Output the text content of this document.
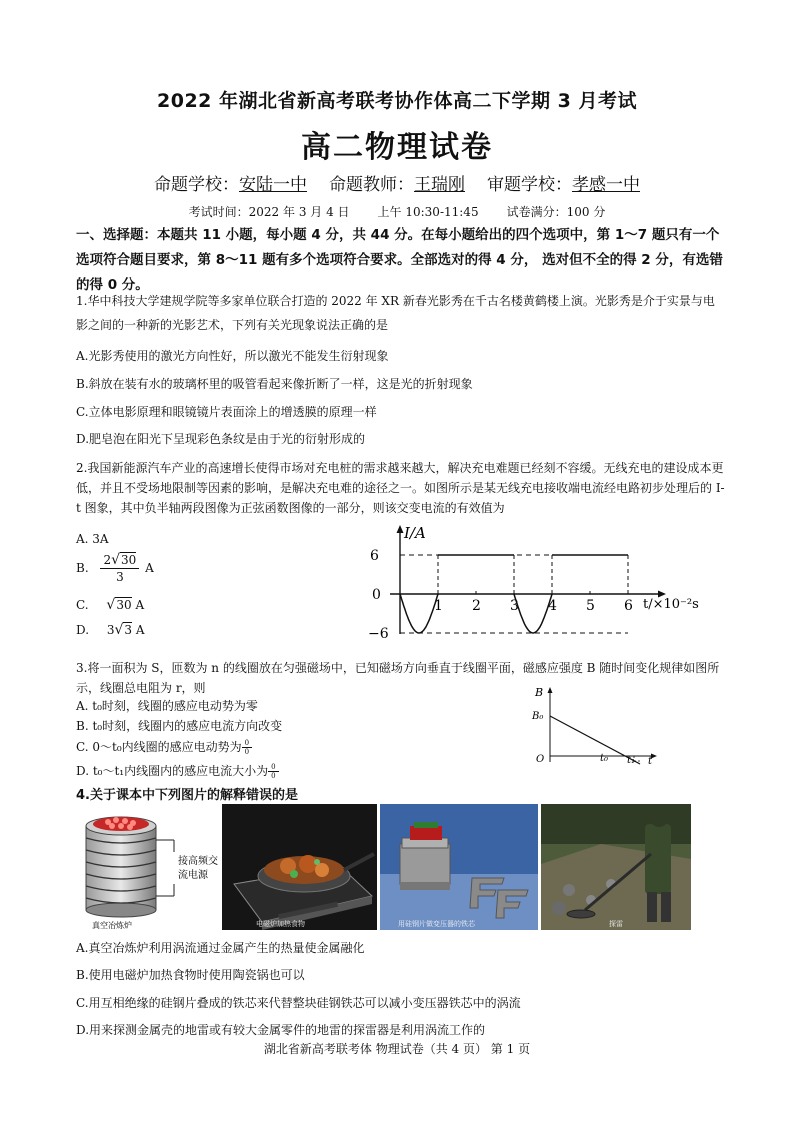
2022 年湖北省新高考联考协作体高二下学期 3 月考试
高二物理试卷
命题学校：安陆一中 命题教师：王瑞刚 审题学校：孝感一中
考试时间：2022 年 3 月 4 日 上午 10:30-11:45 试卷满分：100 分
一、选择题：本题共 11 小题，每小题 4 分，共 44 分。在每小题给出的四个选项中，第 1～7 题只有一个选项符合题目要求，第 8～11 题有多个选项符合要求。全部选对的得 4 分， 选对但不全的得 2 分，有选错的得 0 分。
1.华中科技大学建规学院等多家单位联合打造的 2022 年 XR 新春光影秀在千古名楼黄鹤楼上演。光影秀是介于实景与电影之间的一种新的光影艺术，下列有关光现象说法正确的是
A.光影秀使用的激光方向性好，所以激光不能发生衍射现象
B.斜放在装有水的玻璃杯里的吸管看起来像折断了一样，这是光的折射现象
C.立体电影原理和眼镜镜片表面涂上的增透膜的原理一样
D.肥皂泡在阳光下呈现彩色条纹是由于光的衍射形成的
2.我国新能源汽车产业的高速增长使得市场对充电桩的需求越来越大，解决充电难题已经刻不容缓。无线充电的建设成本更低，并且不受场地限制等因素的影响，是解决充电难的途径之一。如图所示是某无线充电接收端电流经电路初步处理后的 I-t 图象，其中负半轴两段图像为正弦函数图像的一部分，则该交变电流的有效值为
A. 3A
B. $\frac{2√30}{3}$ A
C. √30 A
D. 3√3 A
I/A
0
6
−6
1 2 3 4 5 6 t/×10⁻²s
3.将一面积为 S，匝数为 n 的线圈放在匀强磁场中，已知磁场方向垂直于线圈平面，磁感应强度 B 随时间变化规律如图所示，线圈总电阻为 r，则
A. t₀时刻，线圈的感应电动势为零
B. t₀时刻，线圈内的感应电流方向改变
C. 0～t₀内线圈的感应电动势为 $\frac{0}{0}$
D. t₀～t₁内线圈内的感应电流大小为 $\frac{0}{0}$
B
B₀
O	t₀ t₁ t
4.关于课本中下列图片的解释错误的是
接高频交
流电源
真空冶炼炉	电磁炉加热食物	用硅钢片做变压器的铁芯	探雷
A.真空冶炼炉利用涡流通过金属产生的热量使金属融化
B.使用电磁炉加热食物时使用陶瓷锅也可以
C.用互相绝缘的硅钢片叠成的铁芯来代替整块硅钢铁芯可以减小变压器铁芯中的涡流
D.用来探测金属壳的地雷或有较大金属零件的地雷的探雷器是利用涡流工作的
湖北省新高考联考体 物理试卷（共 4 页） 第 1 页
